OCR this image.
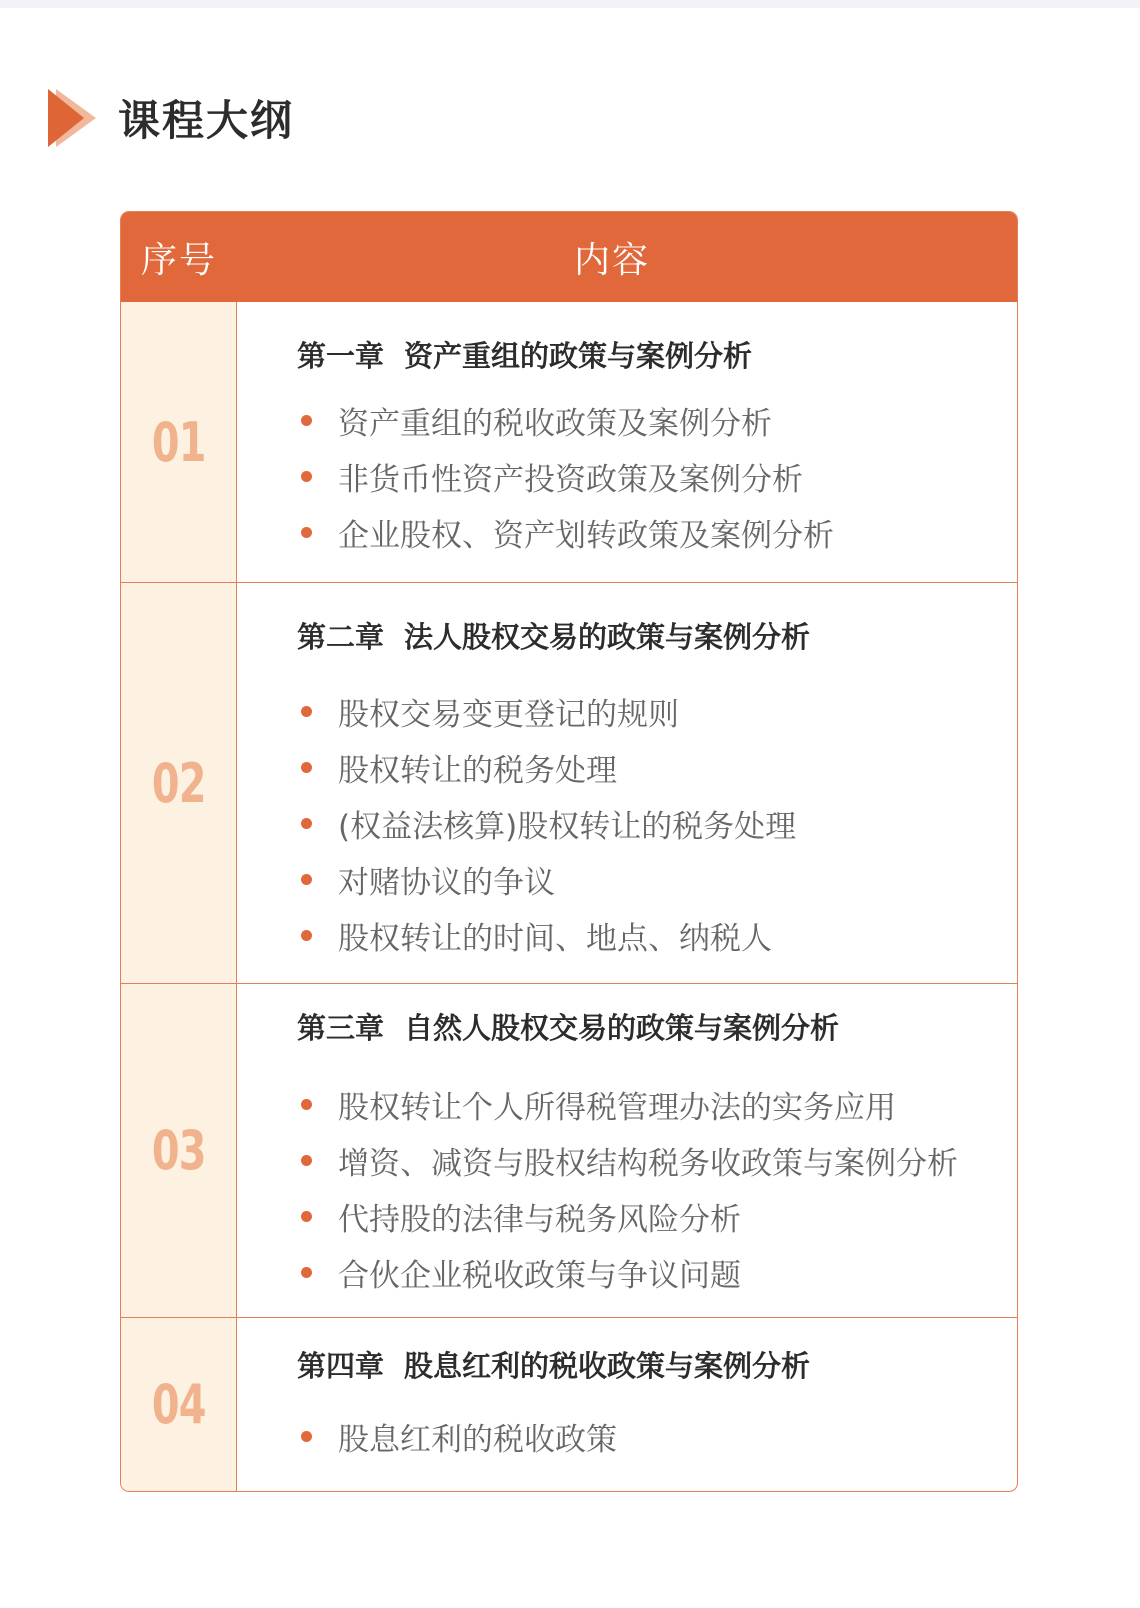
课程大纲
序号	内容
01
第一章 资产重组的政策与案例分析
资产重组的税收政策及案例分析
非货币性资产投资政策及案例分析
企业股权、资产划转政策及案例分析
02
第二章 法人股权交易的政策与案例分析
股权交易变更登记的规则
股权转让的税务处理
(权益法核算)股权转让的税务处理
对赌协议的争议
股权转让的时间、地点、纳税人
03
第三章 自然人股权交易的政策与案例分析
股权转让个人所得税管理办法的实务应用
增资、减资与股权结构税务收政策与案例分析
代持股的法律与税务风险分析
合伙企业税收政策与争议问题
04
第四章 股息红利的税收政策与案例分析
股息红利的税收政策
